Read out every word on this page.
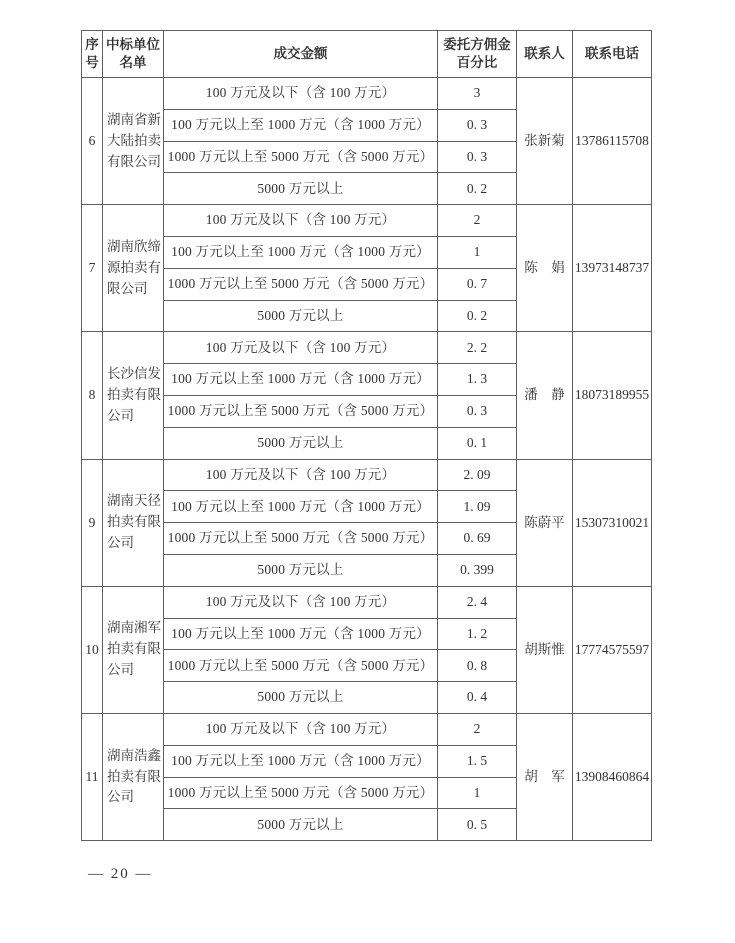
序号	中标单位名单	成交金额	委托方佣金百分比	联系人	联系电话
6	湖南省新大陆拍卖有限公司	100 万元及以下（含 100 万元）	3	张新菊	13786115708
		100 万元以上至 1000 万元（含 1000 万元）	0. 3		
		1000 万元以上至 5000 万元（含 5000 万元）	0. 3		
		5000 万元以上	0. 2		
7	湖南欣缔源拍卖有限公司	100 万元及以下（含 100 万元）	2	陈　娟	13973148737
		100 万元以上至 1000 万元（含 1000 万元）	1		
		1000 万元以上至 5000 万元（含 5000 万元）	0. 7		
		5000 万元以上	0. 2		
8	长沙信发拍卖有限公司	100 万元及以下（含 100 万元）	2. 2	潘　静	18073189955
		100 万元以上至 1000 万元（含 1000 万元）	1. 3		
		1000 万元以上至 5000 万元（含 5000 万元）	0. 3		
		5000 万元以上	0. 1		
9	湖南天径拍卖有限公司	100 万元及以下（含 100 万元）	2. 09	陈蔚平	15307310021
		100 万元以上至 1000 万元（含 1000 万元）	1. 09		
		1000 万元以上至 5000 万元（含 5000 万元）	0. 69		
		5000 万元以上	0. 399		
10	湖南湘军拍卖有限公司	100 万元及以下（含 100 万元）	2. 4	胡斯惟	17774575597
		100 万元以上至 1000 万元（含 1000 万元）	1. 2		
		1000 万元以上至 5000 万元（含 5000 万元）	0. 8		
		5000 万元以上	0. 4		
11	湖南浩鑫拍卖有限公司	100 万元及以下（含 100 万元）	2	胡　军	13908460864
		100 万元以上至 1000 万元（含 1000 万元）	1. 5		
		1000 万元以上至 5000 万元（含 5000 万元）	1		
		5000 万元以上	0. 5		
— 20 —
